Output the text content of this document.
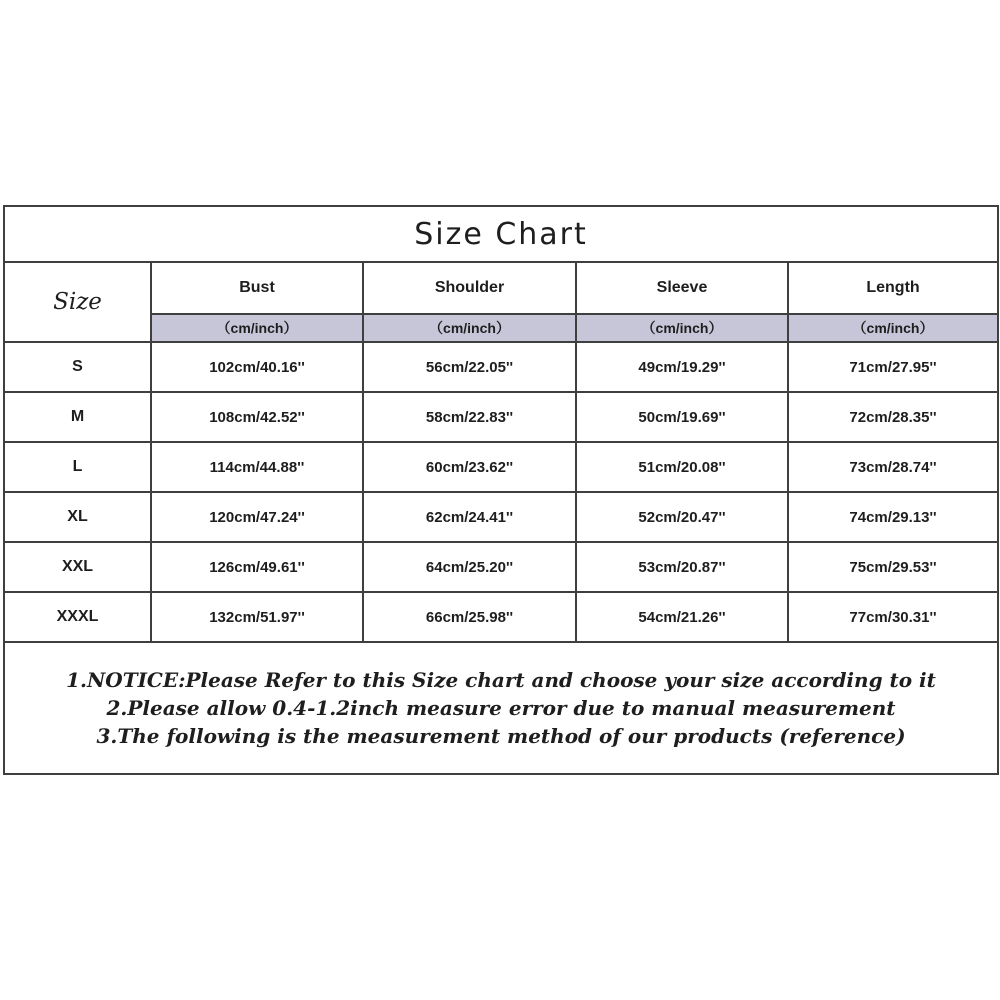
Size Chart				
Size	Bust	Shoulder	Sleeve	Length
	（cm/inch）	（cm/inch）	（cm/inch）	（cm/inch）
S	102cm/40.16''	56cm/22.05''	49cm/19.29''	71cm/27.95''
M	108cm/42.52''	58cm/22.83''	50cm/19.69''	72cm/28.35''
L	114cm/44.88''	60cm/23.62''	51cm/20.08''	73cm/28.74''
XL	120cm/47.24''	62cm/24.41''	52cm/20.47''	74cm/29.13''
XXL	126cm/49.61''	64cm/25.20''	53cm/20.87''	75cm/29.53''
XXXL	132cm/51.97''	66cm/25.98''	54cm/21.26''	77cm/30.31''

1.NOTICE:Please Refer to this Size chart and choose your size according to it
2.Please allow 0.4-1.2inch measure error due to manual measurement
3.The following is the measurement method of our products (reference)				
